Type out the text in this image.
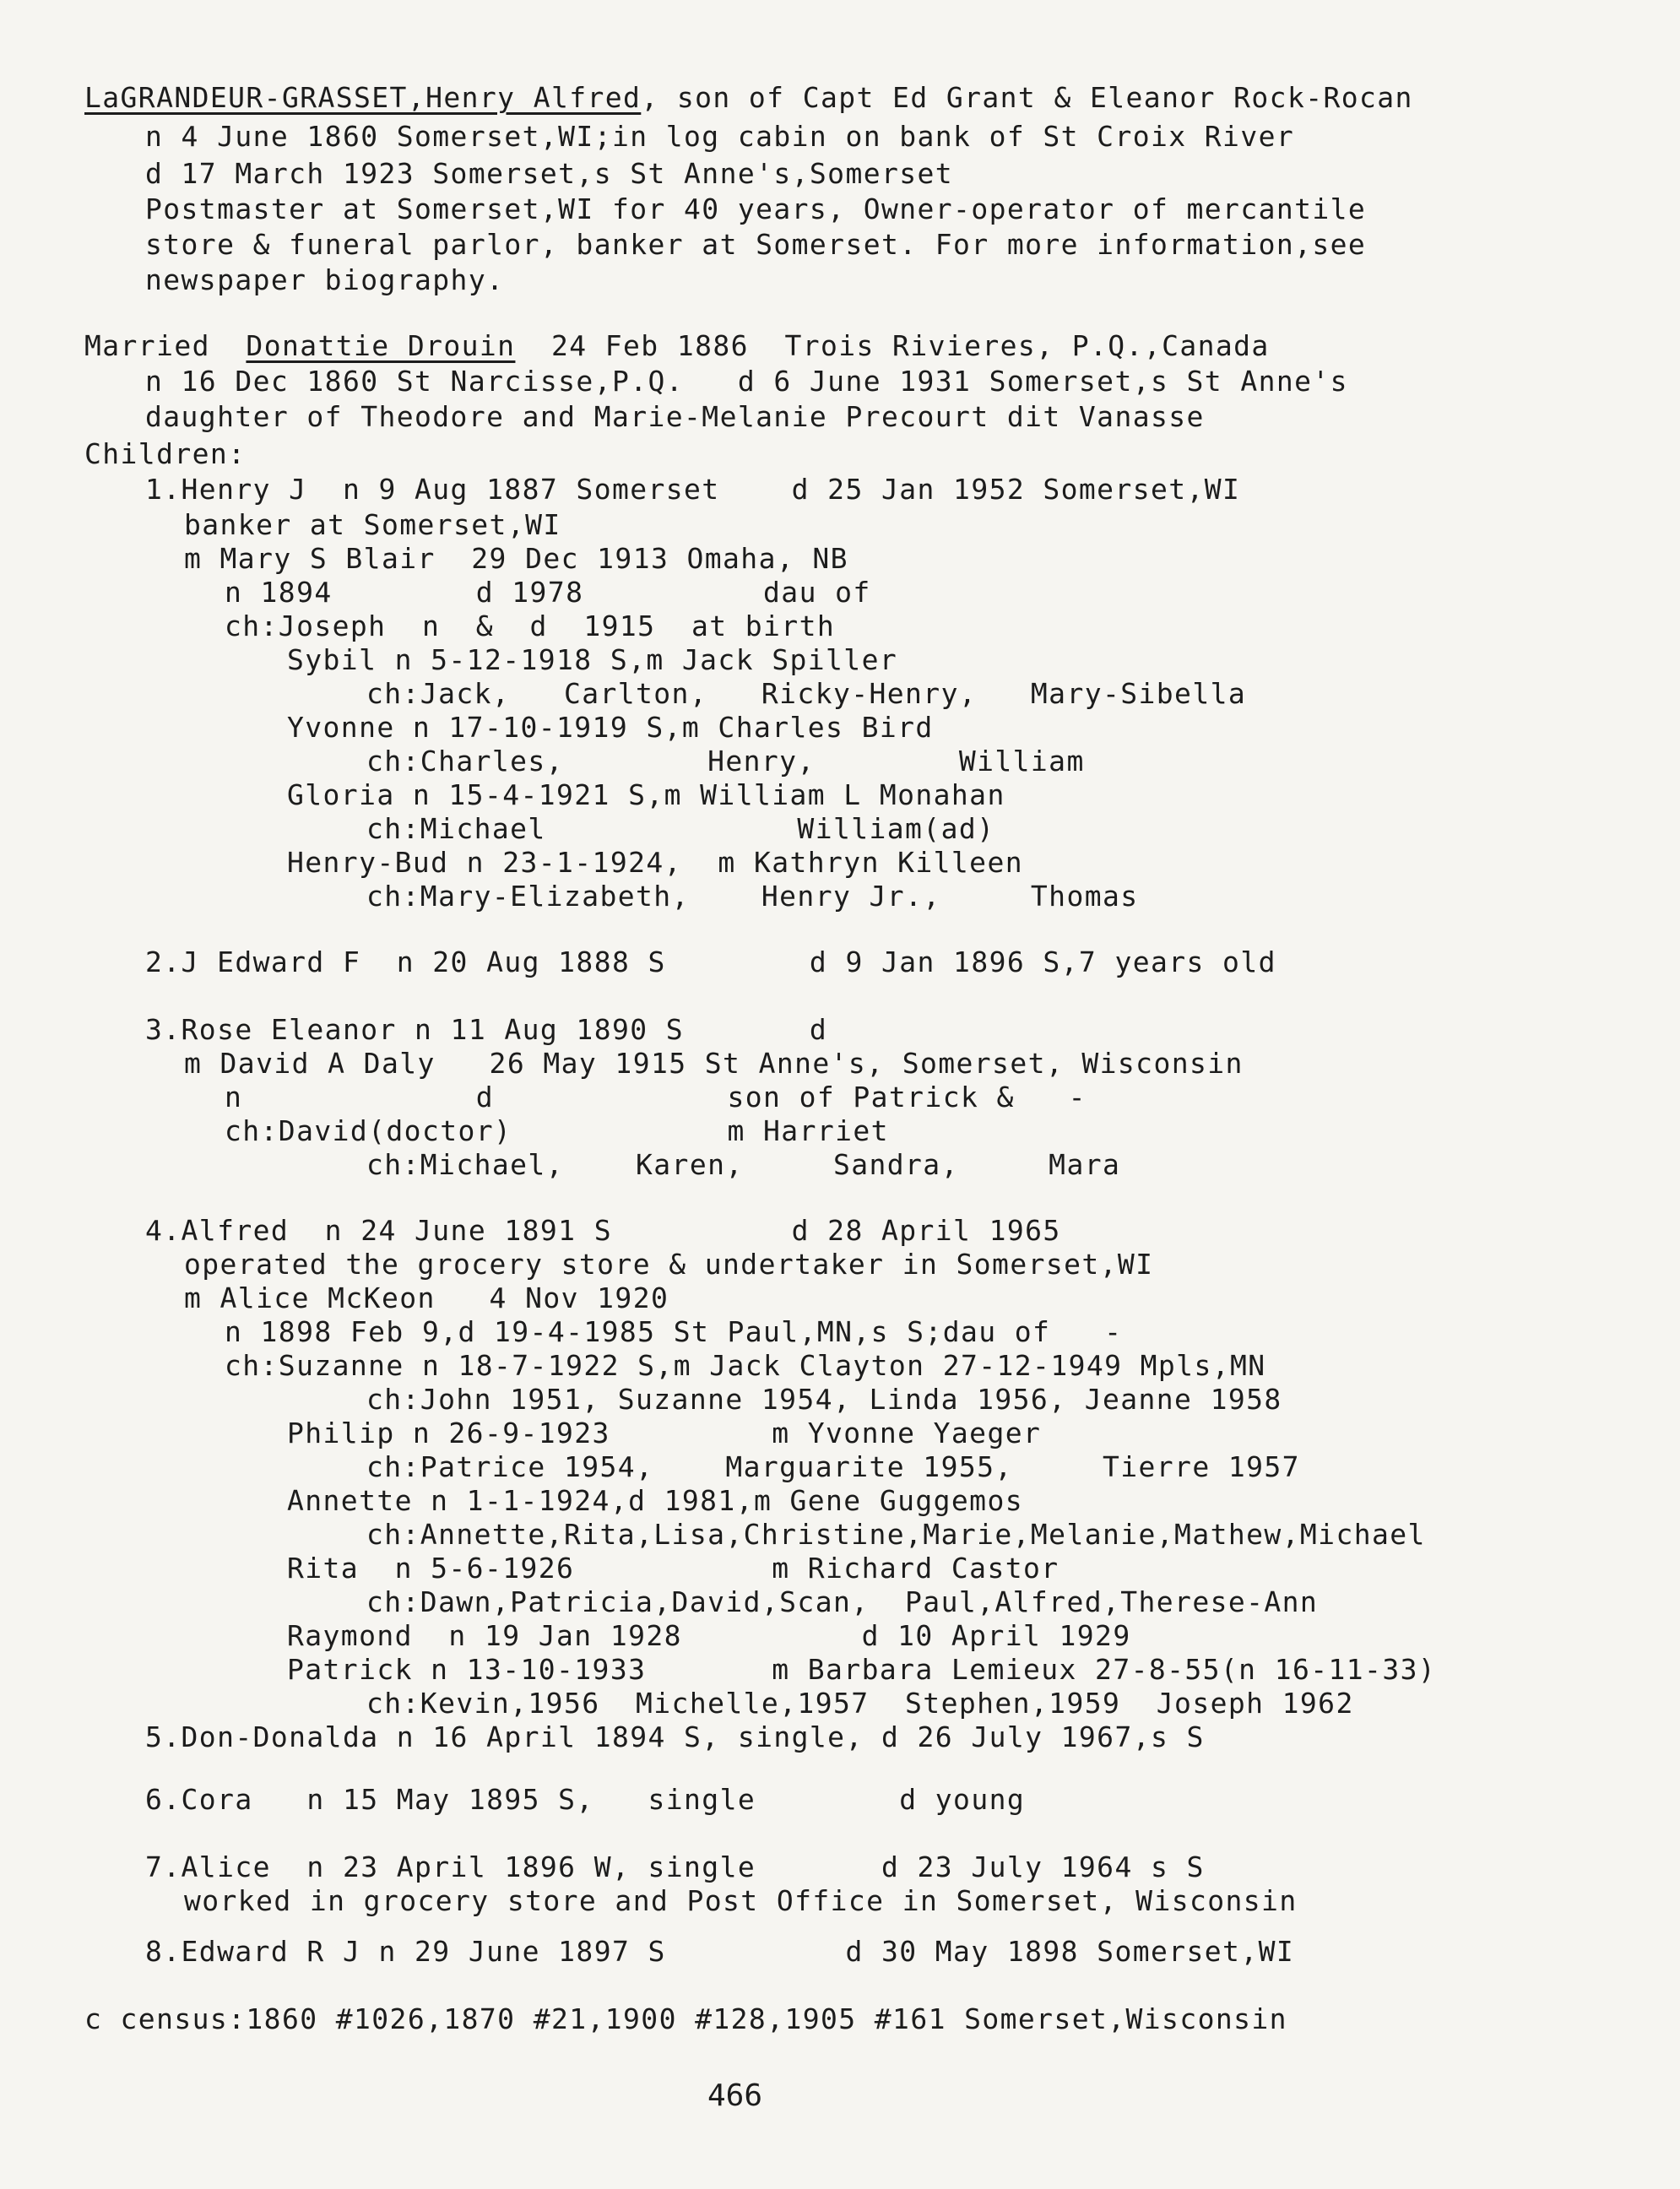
LaGRANDEUR-GRASSET,Henry Alfred, son of Capt Ed Grant & Eleanor Rock-Rocan
n 4 June 1860 Somerset,WI;in log cabin on bank of St Croix River
d 17 March 1923 Somerset,s St Anne's,Somerset
Postmaster at Somerset,WI for 40 years, Owner-operator of mercantile
store & funeral parlor, banker at Somerset. For more information,see
newspaper biography.
Married  Donattie Drouin  24 Feb 1886  Trois Rivieres, P.Q.,Canada
n 16 Dec 1860 St Narcisse,P.Q.   d 6 June 1931 Somerset,s St Anne's
daughter of Theodore and Marie-Melanie Precourt dit Vanasse
Children:
1.Henry J  n 9 Aug 1887 Somerset    d 25 Jan 1952 Somerset,WI
banker at Somerset,WI
m Mary S Blair  29 Dec 1913 Omaha, NB
n 1894        d 1978          dau of
ch:Joseph  n  &  d  1915  at birth
Sybil n 5-12-1918 S,m Jack Spiller
ch:Jack,   Carlton,   Ricky-Henry,   Mary-Sibella
Yvonne n 17-10-1919 S,m Charles Bird
ch:Charles,        Henry,        William
Gloria n 15-4-1921 S,m William L Monahan
ch:Michael              William(ad)
Henry-Bud n 23-1-1924,  m Kathryn Killeen
ch:Mary-Elizabeth,    Henry Jr.,     Thomas
2.J Edward F  n 20 Aug 1888 S        d 9 Jan 1896 S,7 years old
3.Rose Eleanor n 11 Aug 1890 S       d
m David A Daly   26 May 1915 St Anne's, Somerset, Wisconsin
n             d             son of Patrick &   -
ch:David(doctor)            m Harriet
ch:Michael,    Karen,     Sandra,     Mara
4.Alfred  n 24 June 1891 S          d 28 April 1965
operated the grocery store & undertaker in Somerset,WI
m Alice McKeon   4 Nov 1920
n 1898 Feb 9,d 19-4-1985 St Paul,MN,s S;dau of   -
ch:Suzanne n 18-7-1922 S,m Jack Clayton 27-12-1949 Mpls,MN
ch:John 1951, Suzanne 1954, Linda 1956, Jeanne 1958
Philip n 26-9-1923         m Yvonne Yaeger
ch:Patrice 1954,    Marguarite 1955,     Tierre 1957
Annette n 1-1-1924,d 1981,m Gene Guggemos
ch:Annette,Rita,Lisa,Christine,Marie,Melanie,Mathew,Michael
Rita  n 5-6-1926           m Richard Castor
ch:Dawn,Patricia,David,Scan,  Paul,Alfred,Therese-Ann
Raymond  n 19 Jan 1928          d 10 April 1929
Patrick n 13-10-1933       m Barbara Lemieux 27-8-55(n 16-11-33)
ch:Kevin,1956  Michelle,1957  Stephen,1959  Joseph 1962
5.Don-Donalda n 16 April 1894 S, single, d 26 July 1967,s S
6.Cora   n 15 May 1895 S,   single        d young
7.Alice  n 23 April 1896 W, single       d 23 July 1964 s S
worked in grocery store and Post Office in Somerset, Wisconsin
8.Edward R J n 29 June 1897 S          d 30 May 1898 Somerset,WI
c census:1860 #1026,1870 #21,1900 #128,1905 #161 Somerset,Wisconsin
466
